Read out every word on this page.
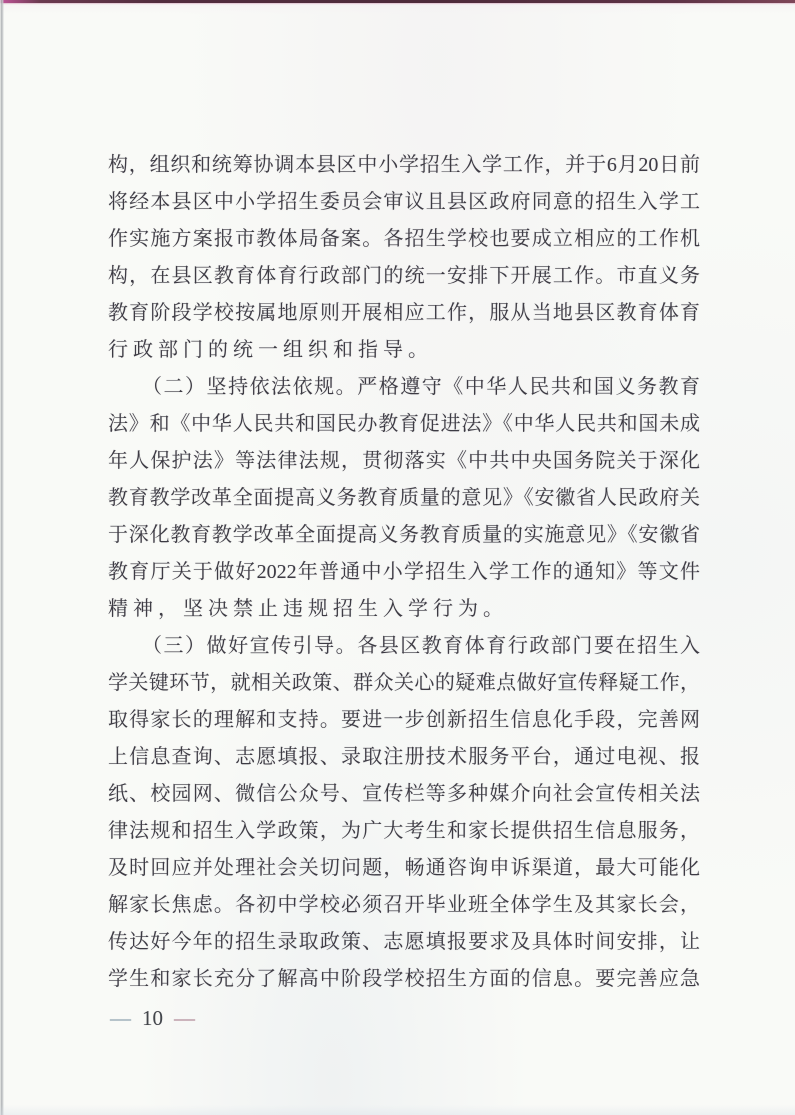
构，组织和统筹协调本县区中小学招生入学工作，并于6月20日前
将经本县区中小学招生委员会审议且县区政府同意的招生入学工
作实施方案报市教体局备案。各招生学校也要成立相应的工作机
构，在县区教育体育行政部门的统一安排下开展工作。市直义务
教育阶段学校按属地原则开展相应工作，服从当地县区教育体育
行政部门的统一组织和指导。
（二）坚持依法依规。严格遵守《中华人民共和国义务教育
法》和《中华人民共和国民办教育促进法》《中华人民共和国未成
年人保护法》等法律法规，贯彻落实《中共中央国务院关于深化
教育教学改革全面提高义务教育质量的意见》《安徽省人民政府关
于深化教育教学改革全面提高义务教育质量的实施意见》《安徽省
教育厅关于做好2022年普通中小学招生入学工作的通知》等文件
精神，坚决禁止违规招生入学行为。
（三）做好宣传引导。各县区教育体育行政部门要在招生入
学关键环节，就相关政策、群众关心的疑难点做好宣传释疑工作，
取得家长的理解和支持。要进一步创新招生信息化手段，完善网
上信息查询、志愿填报、录取注册技术服务平台，通过电视、报
纸、校园网、微信公众号、宣传栏等多种媒介向社会宣传相关法
律法规和招生入学政策，为广大考生和家长提供招生信息服务，
及时回应并处理社会关切问题，畅通咨询申诉渠道，最大可能化
解家长焦虑。各初中学校必须召开毕业班全体学生及其家长会，
传达好今年的招生录取政策、志愿填报要求及具体时间安排，让
学生和家长充分了解高中阶段学校招生方面的信息。要完善应急
— 10 —
